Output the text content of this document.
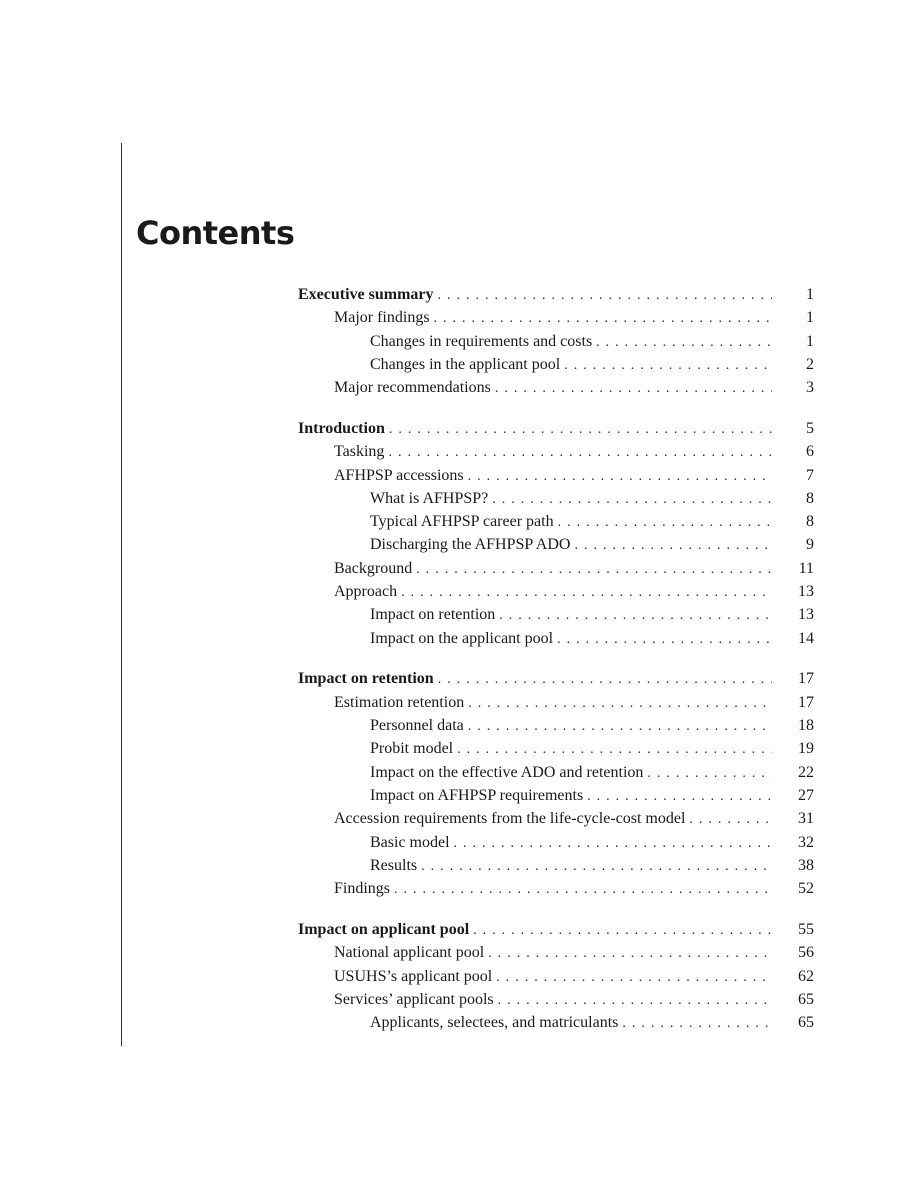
Contents
Executive summary . . .	1
Major findings . . .	1
Changes in requirements and costs . . .	1
Changes in the applicant pool . . .	2
Major recommendations . . .	3
Introduction . . .	5
Tasking . . .	6
AFHPSP accessions . . .	7
What is AFHPSP? . . .	8
Typical AFHPSP career path . . .	8
Discharging the AFHPSP ADO . . .	9
Background . . .	11
Approach . . .	13
Impact on retention . . .	13
Impact on the applicant pool . . .	14
Impact on retention . . .	17
Estimation retention . . .	17
Personnel data . . .	18
Probit model . . .	19
Impact on the effective ADO and retention . . .	22
Impact on AFHPSP requirements . . .	27
Accession requirements from the life-cycle-cost model . . .	31
Basic model . . .	32
Results . . .	38
Findings . . .	52
Impact on applicant pool . . .	55
National applicant pool . . .	56
USUHS’s applicant pool . . .	62
Services’ applicant pools . . .	65
Applicants, selectees, and matriculants . . .	65
